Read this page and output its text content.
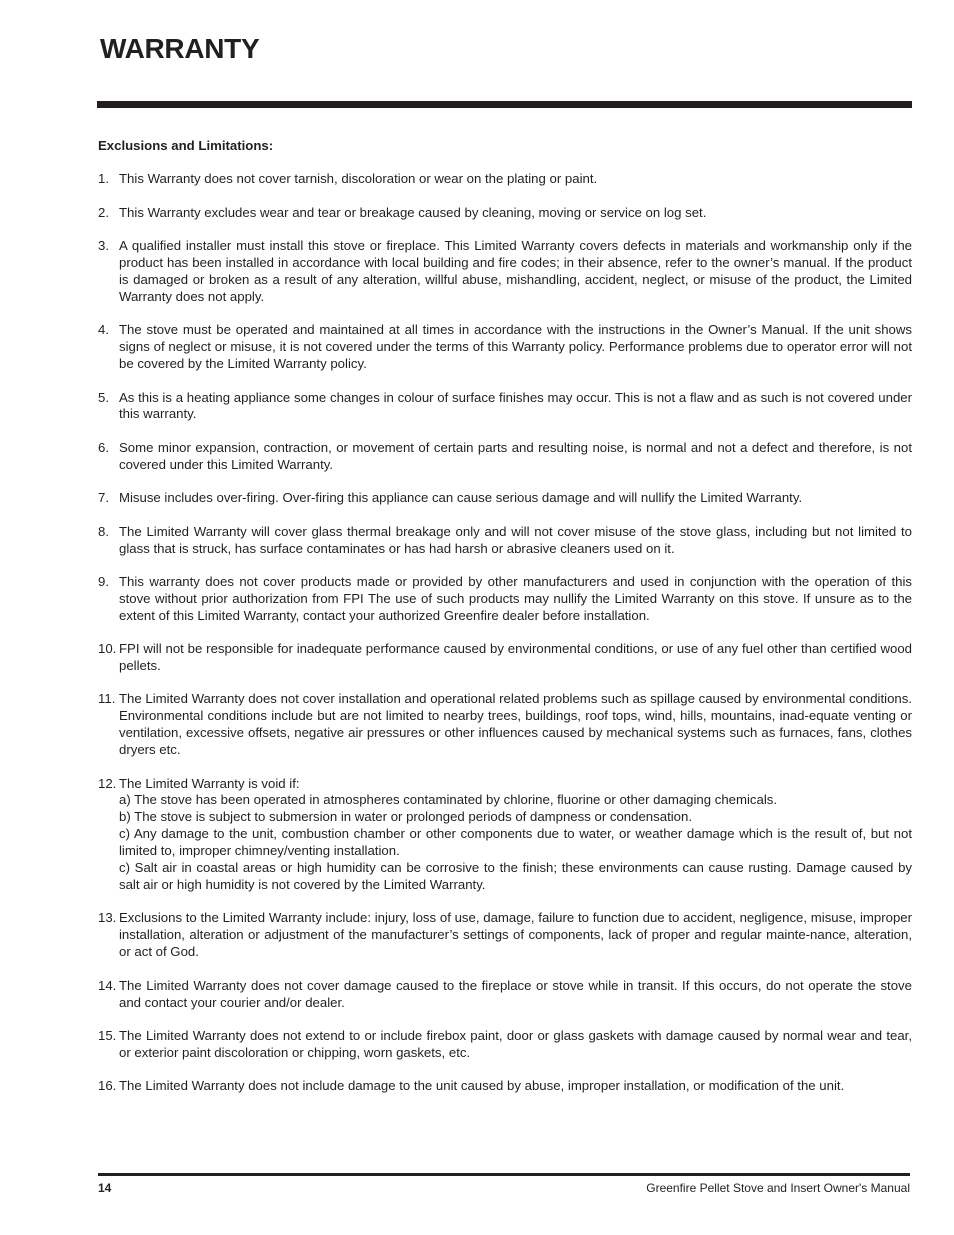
WARRANTY

Exclusions and Limitations:

1. This Warranty does not cover tarnish, discoloration or wear on the plating or paint.
2. This Warranty excludes wear and tear or breakage caused by cleaning, moving or service on log set.
3. A qualified installer must install this stove or fireplace. This Limited Warranty covers defects in materials and workmanship only if the product has been installed in accordance with local building and fire codes; in their absence, refer to the owner’s manual. If the product is damaged or broken as a result of any alteration, willful abuse, mishandling, accident, neglect, or misuse of the product, the Limited Warranty does not apply.
4. The stove must be operated and maintained at all times in accordance with the instructions in the Owner’s Manual. If the unit shows signs of neglect or misuse, it is not covered under the terms of this Warranty policy. Performance problems due to operator error will not be covered by the Limited Warranty policy.
5. As this is a heating appliance some changes in colour of surface finishes may occur. This is not a flaw and as such is not covered under this warranty.
6. Some minor expansion, contraction, or movement of certain parts and resulting noise, is normal and not a defect and therefore, is not covered under this Limited Warranty.
7. Misuse includes over-firing. Over-firing this appliance can cause serious damage and will nullify the Limited Warranty.
8. The Limited Warranty will cover glass thermal breakage only and will not cover misuse of the stove glass, including but not limited to glass that is struck, has surface contaminates or has had harsh or abrasive cleaners used on it.
9. This warranty does not cover products made or provided by other manufacturers and used in conjunction with the operation of this stove without prior authorization from FPI The use of such products may nullify the Limited Warranty on this stove. If unsure as to the extent of this Limited Warranty, contact your authorized Greenfire dealer before installation.
10. FPI will not be responsible for inadequate performance caused by environmental conditions, or use of any fuel other than certified wood pellets.
11. The Limited Warranty does not cover installation and operational related problems such as spillage caused by environmental conditions. Environmental conditions include but are not limited to nearby trees, buildings, roof tops, wind, hills, mountains, inad-equate venting or ventilation, excessive offsets, negative air pressures or other influences caused by mechanical systems such as furnaces, fans, clothes dryers etc.
12. The Limited Warranty is void if:
a) The stove has been operated in atmospheres contaminated by chlorine, fluorine or other damaging chemicals.
b) The stove is subject to submersion in water or prolonged periods of dampness or condensation.
c) Any damage to the unit, combustion chamber or other components due to water, or weather damage which is the result of, but not limited to, improper chimney/venting installation.
c) Salt air in coastal areas or high humidity can be corrosive to the finish; these environments can cause rusting. Damage caused by salt air or high humidity is not covered by the Limited Warranty.
13. Exclusions to the Limited Warranty include: injury, loss of use, damage, failure to function due to accident, negligence, misuse, improper installation, alteration or adjustment of the manufacturer’s settings of components, lack of proper and regular mainte-nance, alteration, or act of God.
14. The Limited Warranty does not cover damage caused to the fireplace or stove while in transit. If this occurs, do not operate the stove and contact your courier and/or dealer.
15. The Limited Warranty does not extend to or include firebox paint, door or glass gaskets with damage caused by normal wear and tear, or exterior paint discoloration or chipping, worn gaskets, etc.
16. The Limited Warranty does not include damage to the unit caused by abuse, improper installation, or modification of the unit.
14	Greenfire Pellet Stove and Insert Owner's Manual
